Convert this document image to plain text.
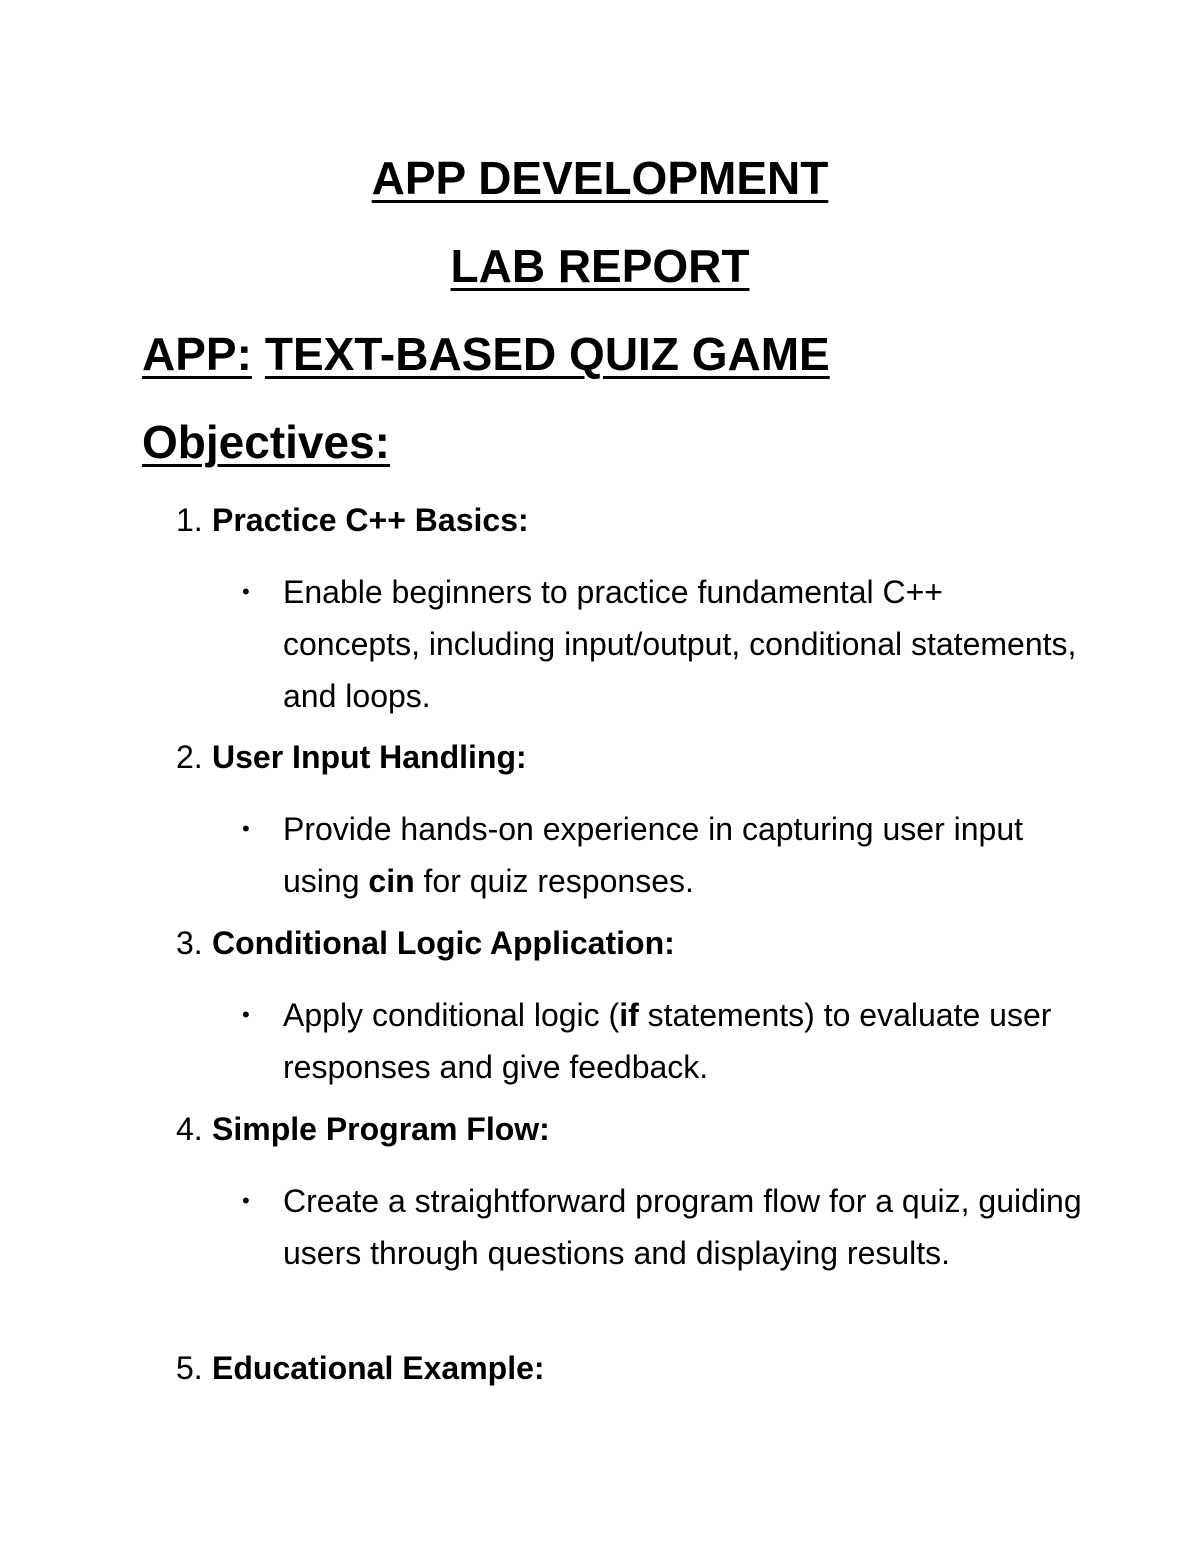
APP DEVELOPMENT
LAB REPORT

APP: TEXT-BASED QUIZ GAME

Objectives:
1. Practice C++ Basics:
• Enable beginners to practice fundamental C++ concepts, including input/output, conditional statements, and loops.

2. User Input Handling:
• Provide hands-on experience in capturing user input using cin for quiz responses.

3. Conditional Logic Application:
• Apply conditional logic (if statements) to evaluate user responses and give feedback.

4. Simple Program Flow:
• Create a straightforward program flow for a quiz, guiding users through questions and displaying results.

5. Educational Example:
